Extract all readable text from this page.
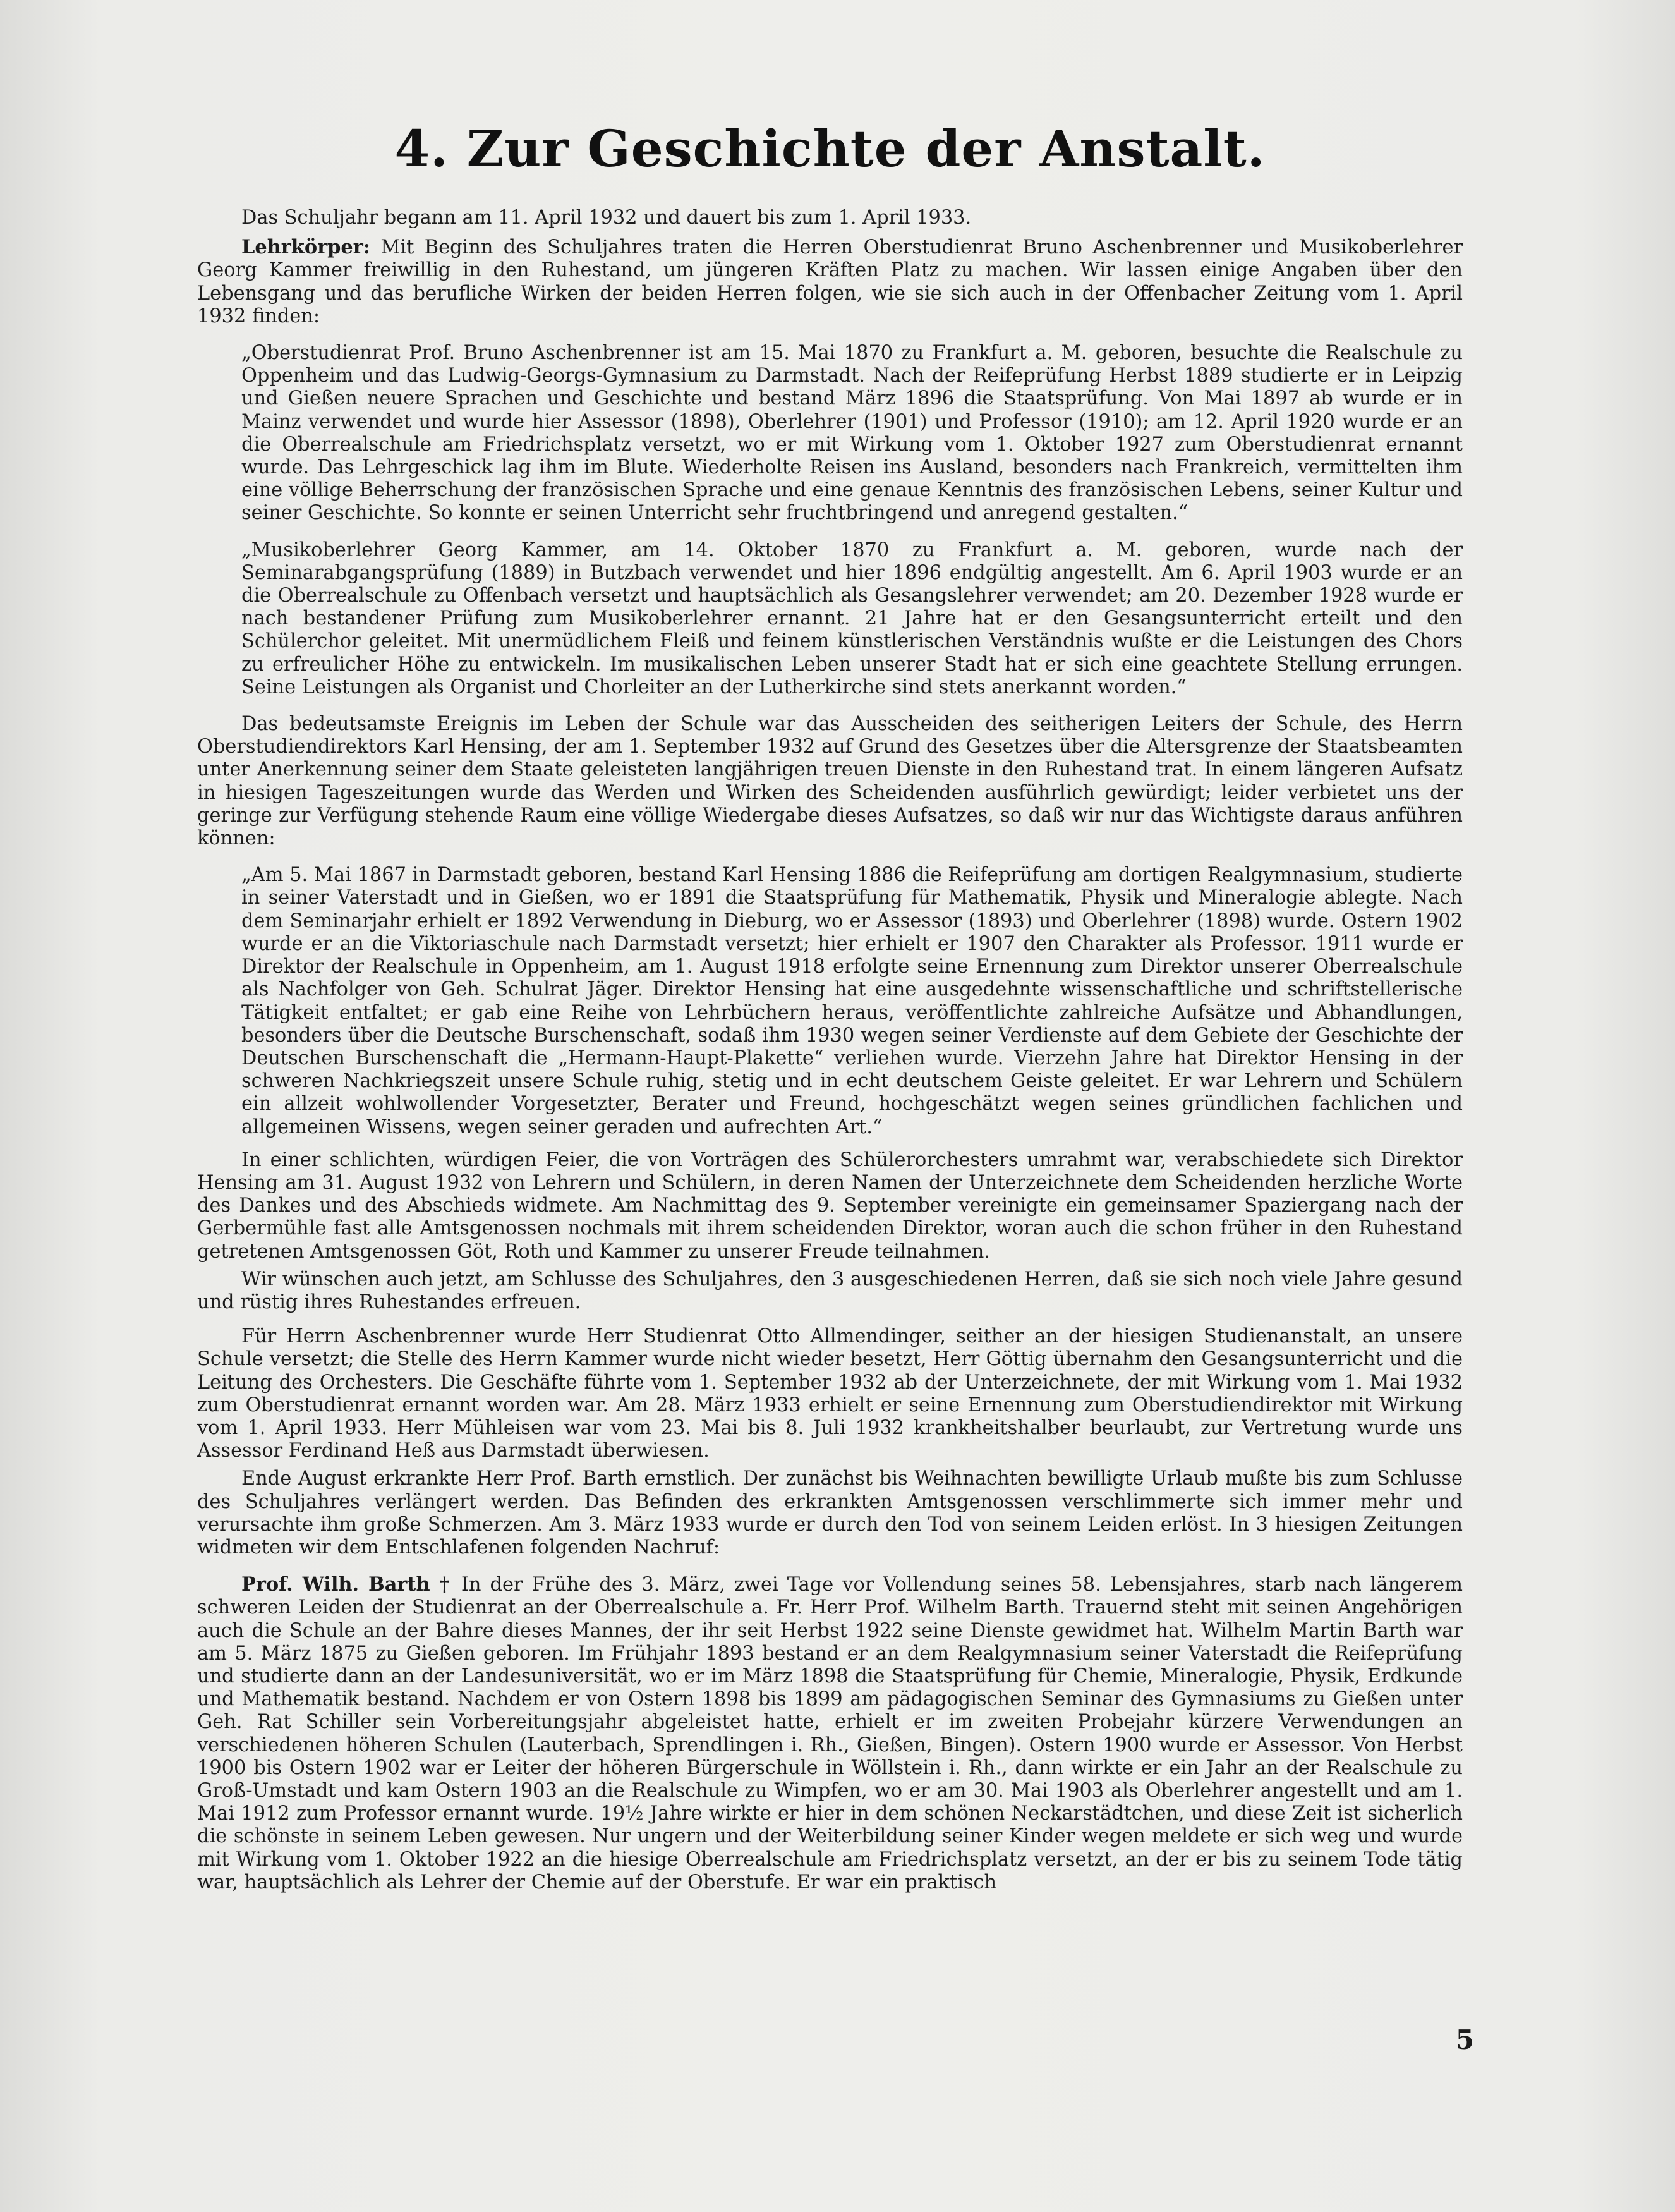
4. Zur Geschichte der Anstalt.

Das Schuljahr begann am 11. April 1932 und dauert bis zum 1. April 1933.

Lehrkörper: Mit Beginn des Schuljahres traten die Herren Oberstudienrat Bruno Aschenbrenner und Musikoberlehrer Georg Kammer freiwillig in den Ruhestand, um jüngeren Kräften Platz zu machen. Wir lassen einige Angaben über den Lebensgang und das berufliche Wirken der beiden Herren folgen, wie sie sich auch in der Offenbacher Zeitung vom 1. April 1932 finden:

„Oberstudienrat Prof. Bruno Aschenbrenner ist am 15. Mai 1870 zu Frankfurt a. M. geboren, besuchte die Realschule zu Oppenheim und das Ludwig-Georgs-Gymnasium zu Darmstadt. Nach der Reifeprüfung Herbst 1889 studierte er in Leipzig und Gießen neuere Sprachen und Geschichte und bestand März 1896 die Staatsprüfung. Von Mai 1897 ab wurde er in Mainz verwendet und wurde hier Assessor (1898), Oberlehrer (1901) und Professor (1910); am 12. April 1920 wurde er an die Oberrealschule am Friedrichsplatz versetzt, wo er mit Wirkung vom 1. Oktober 1927 zum Oberstudienrat ernannt wurde. Das Lehrgeschick lag ihm im Blute. Wiederholte Reisen ins Ausland, besonders nach Frankreich, vermittelten ihm eine völlige Beherrschung der französischen Sprache und eine genaue Kenntnis des französischen Lebens, seiner Kultur und seiner Geschichte. So konnte er seinen Unterricht sehr fruchtbringend und anregend gestalten.“

„Musikoberlehrer Georg Kammer, am 14. Oktober 1870 zu Frankfurt a. M. geboren, wurde nach der Seminarabgangsprüfung (1889) in Butzbach verwendet und hier 1896 endgültig angestellt. Am 6. April 1903 wurde er an die Oberrealschule zu Offenbach versetzt und hauptsächlich als Gesangslehrer verwendet; am 20. Dezember 1928 wurde er nach bestandener Prüfung zum Musikoberlehrer ernannt. 21 Jahre hat er den Gesangsunterricht erteilt und den Schülerchor geleitet. Mit unermüdlichem Fleiß und feinem künstlerischen Verständnis wußte er die Leistungen des Chors zu erfreulicher Höhe zu entwickeln. Im musikalischen Leben unserer Stadt hat er sich eine geachtete Stellung errungen. Seine Leistungen als Organist und Chorleiter an der Lutherkirche sind stets anerkannt worden.“

Das bedeutsamste Ereignis im Leben der Schule war das Ausscheiden des seitherigen Leiters der Schule, des Herrn Oberstudiendirektors Karl Hensing, der am 1. September 1932 auf Grund des Gesetzes über die Altersgrenze der Staatsbeamten unter Anerkennung seiner dem Staate geleisteten langjährigen treuen Dienste in den Ruhestand trat. In einem längeren Aufsatz in hiesigen Tageszeitungen wurde das Werden und Wirken des Scheidenden ausführlich gewürdigt; leider verbietet uns der geringe zur Verfügung stehende Raum eine völlige Wiedergabe dieses Aufsatzes, so daß wir nur das Wichtigste daraus anführen können:

„Am 5. Mai 1867 in Darmstadt geboren, bestand Karl Hensing 1886 die Reifeprüfung am dortigen Realgymnasium, studierte in seiner Vaterstadt und in Gießen, wo er 1891 die Staatsprüfung für Mathematik, Physik und Mineralogie ablegte. Nach dem Seminarjahr erhielt er 1892 Verwendung in Dieburg, wo er Assessor (1893) und Oberlehrer (1898) wurde. Ostern 1902 wurde er an die Viktoriaschule nach Darmstadt versetzt; hier erhielt er 1907 den Charakter als Professor. 1911 wurde er Direktor der Realschule in Oppenheim, am 1. August 1918 erfolgte seine Ernennung zum Direktor unserer Oberrealschule als Nachfolger von Geh. Schulrat Jäger. Direktor Hensing hat eine ausgedehnte wissenschaftliche und schriftstellerische Tätigkeit entfaltet; er gab eine Reihe von Lehrbüchern heraus, veröffentlichte zahlreiche Aufsätze und Abhandlungen, besonders über die Deutsche Burschenschaft, sodaß ihm 1930 wegen seiner Verdienste auf dem Gebiete der Geschichte der Deutschen Burschenschaft die „Hermann-Haupt-Plakette“ verliehen wurde. Vierzehn Jahre hat Direktor Hensing in der schweren Nachkriegszeit unsere Schule ruhig, stetig und in echt deutschem Geiste geleitet. Er war Lehrern und Schülern ein allzeit wohlwollender Vorgesetzter, Berater und Freund, hochgeschätzt wegen seines gründlichen fachlichen und allgemeinen Wissens, wegen seiner geraden und aufrechten Art.“

In einer schlichten, würdigen Feier, die von Vorträgen des Schülerorchesters umrahmt war, verabschiedete sich Direktor Hensing am 31. August 1932 von Lehrern und Schülern, in deren Namen der Unterzeichnete dem Scheidenden herzliche Worte des Dankes und des Abschieds widmete. Am Nachmittag des 9. September vereinigte ein gemeinsamer Spaziergang nach der Gerbermühle fast alle Amtsgenossen nochmals mit ihrem scheidenden Direktor, woran auch die schon früher in den Ruhestand getretenen Amtsgenossen Göt, Roth und Kammer zu unserer Freude teilnahmen.

Wir wünschen auch jetzt, am Schlusse des Schuljahres, den 3 ausgeschiedenen Herren, daß sie sich noch viele Jahre gesund und rüstig ihres Ruhestandes erfreuen.

Für Herrn Aschenbrenner wurde Herr Studienrat Otto Allmendinger, seither an der hiesigen Studienanstalt, an unsere Schule versetzt; die Stelle des Herrn Kammer wurde nicht wieder besetzt, Herr Göttig übernahm den Gesangsunterricht und die Leitung des Orchesters. Die Geschäfte führte vom 1. September 1932 ab der Unterzeichnete, der mit Wirkung vom 1. Mai 1932 zum Oberstudienrat ernannt worden war. Am 28. März 1933 erhielt er seine Ernennung zum Oberstudiendirektor mit Wirkung vom 1. April 1933. Herr Mühleisen war vom 23. Mai bis 8. Juli 1932 krankheitshalber beurlaubt, zur Vertretung wurde uns Assessor Ferdinand Heß aus Darmstadt überwiesen.

Ende August erkrankte Herr Prof. Barth ernstlich. Der zunächst bis Weihnachten bewilligte Urlaub mußte bis zum Schlusse des Schuljahres verlängert werden. Das Befinden des erkrankten Amtsgenossen verschlimmerte sich immer mehr und verursachte ihm große Schmerzen. Am 3. März 1933 wurde er durch den Tod von seinem Leiden erlöst. In 3 hiesigen Zeitungen widmeten wir dem Entschlafenen folgenden Nachruf:

Prof. Wilh. Barth † In der Frühe des 3. März, zwei Tage vor Vollendung seines 58. Lebensjahres, starb nach längerem schweren Leiden der Studienrat an der Oberrealschule a. Fr. Herr Prof. Wilhelm Barth. Trauernd steht mit seinen Angehörigen auch die Schule an der Bahre dieses Mannes, der ihr seit Herbst 1922 seine Dienste gewidmet hat. Wilhelm Martin Barth war am 5. März 1875 zu Gießen geboren. Im Frühjahr 1893 bestand er an dem Realgymnasium seiner Vaterstadt die Reifeprüfung und studierte dann an der Landesuniversität, wo er im März 1898 die Staatsprüfung für Chemie, Mineralogie, Physik, Erdkunde und Mathematik bestand. Nachdem er von Ostern 1898 bis 1899 am pädagogischen Seminar des Gymnasiums zu Gießen unter Geh. Rat Schiller sein Vorbereitungsjahr abgeleistet hatte, erhielt er im zweiten Probejahr kürzere Verwendungen an verschiedenen höheren Schulen (Lauterbach, Sprendlingen i. Rh., Gießen, Bingen). Ostern 1900 wurde er Assessor. Von Herbst 1900 bis Ostern 1902 war er Leiter der höheren Bürgerschule in Wöllstein i. Rh., dann wirkte er ein Jahr an der Realschule zu Groß-Umstadt und kam Ostern 1903 an die Realschule zu Wimpfen, wo er am 30. Mai 1903 als Oberlehrer angestellt und am 1. Mai 1912 zum Professor ernannt wurde. 19½ Jahre wirkte er hier in dem schönen Neckarstädtchen, und diese Zeit ist sicherlich die schönste in seinem Leben gewesen. Nur ungern und der Weiterbildung seiner Kinder wegen meldete er sich weg und wurde mit Wirkung vom 1. Oktober 1922 an die hiesige Oberrealschule am Friedrichsplatz versetzt, an der er bis zu seinem Tode tätig war, hauptsächlich als Lehrer der Chemie auf der Oberstufe. Er war ein praktisch

5
